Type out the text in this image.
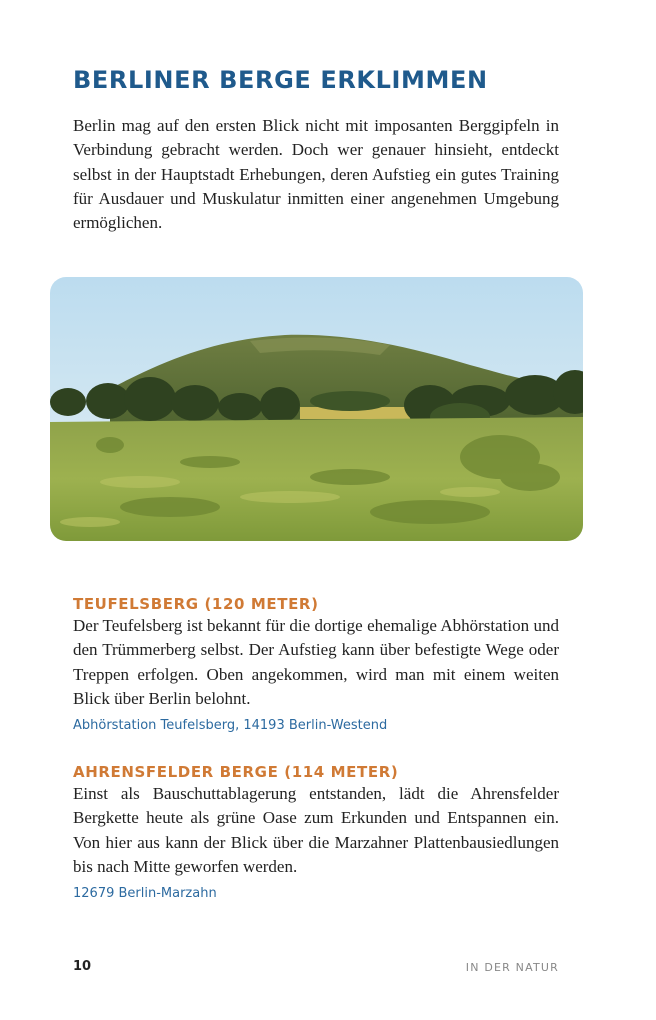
BERLINER BERGE ERKLIMMEN

Berlin mag auf den ersten Blick nicht mit imposanten Berggipfeln in Verbindung gebracht werden. Doch wer genauer hinsieht, entdeckt selbst in der Hauptstadt Erhebungen, deren Aufstieg ein gutes Training für Ausdauer und Muskulatur inmitten einer angenehmen Umgebung ermöglichen.

TEUFELSBERG (120 METER)

Der Teufelsberg ist bekannt für die dortige ehemalige Abhörstation und den Trümmerberg selbst. Der Aufstieg kann über befestigte Wege oder Treppen erfolgen. Oben angekommen, wird man mit einem weiten Blick über Berlin belohnt.

Abhörstation Teufelsberg, 14193 Berlin-Westend
AHRENSFELDER BERGE (114 METER)

Einst als Bauschuttablagerung entstanden, lädt die Ahrensfelder Bergkette heute als grüne Oase zum Erkunden und Entspannen ein. Von hier aus kann der Blick über die Marzahner Plattenbausiedlungen bis nach Mitte geworfen werden.

12679 Berlin-Marzahn
10	IN DER NATUR
